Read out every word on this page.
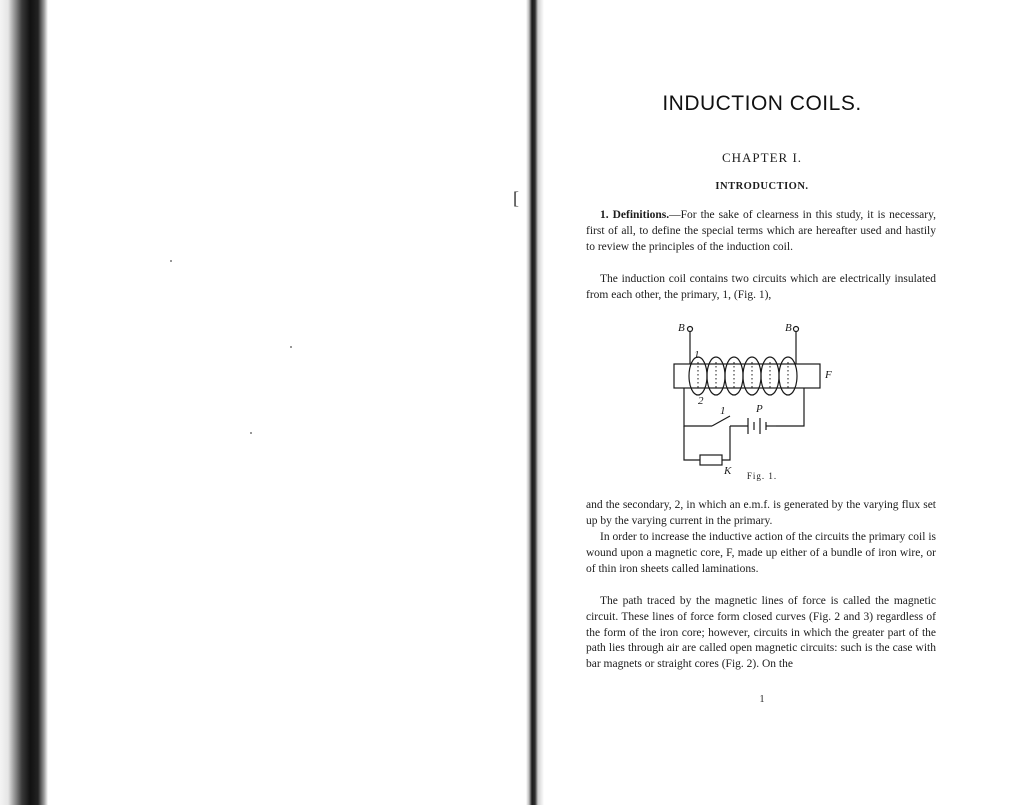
[
INDUCTION COILS.
CHAPTER I.
INTRODUCTION.

1. Definitions.—For the sake of clearness in this study, it is necessary, first of all, to define the special terms which are hereafter used and hastily to review the principles of the induction coil.

The induction coil contains two circuits which are electrically insulated from each other, the primary, 1, (Fig. 1),

B	B
F
1
2
1	P
K	Fig. 1.

and the secondary, 2, in which an e.m.f. is generated by the varying flux set up by the varying current in the primary.

In order to increase the inductive action of the circuits the primary coil is wound upon a magnetic core, F, made up either of a bundle of iron wire, or of thin iron sheets called laminations.

The path traced by the magnetic lines of force is called the magnetic circuit. These lines of force form closed curves (Fig. 2 and 3) regardless of the form of the iron core; however, circuits in which the greater part of the path lies through air are called open magnetic circuits: such is the case with bar magnets or straight cores (Fig. 2). On the

1
